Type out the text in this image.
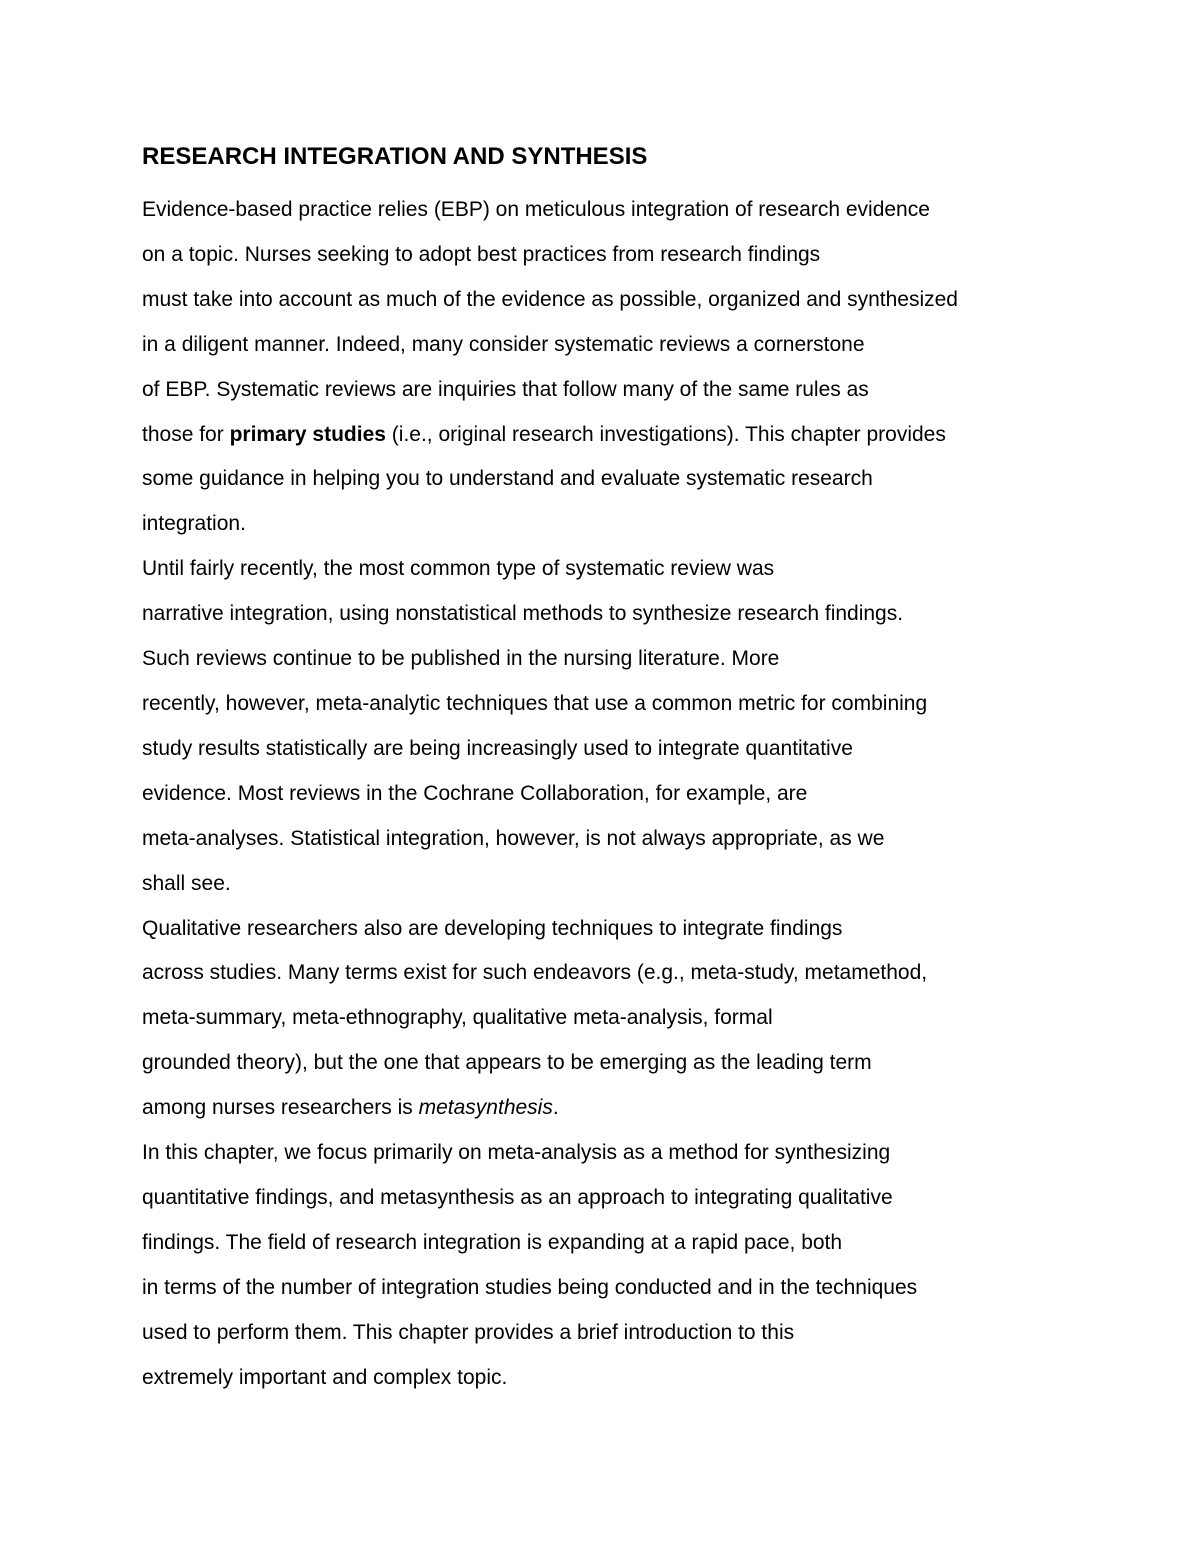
RESEARCH INTEGRATION AND SYNTHESIS
Evidence-based practice relies (EBP) on meticulous integration of research evidence
on a topic. Nurses seeking to adopt best practices from research findings
must take into account as much of the evidence as possible, organized and synthesized
in a diligent manner. Indeed, many consider systematic reviews a cornerstone
of EBP. Systematic reviews are inquiries that follow many of the same rules as
those for primary studies (i.e., original research investigations). This chapter provides
some guidance in helping you to understand and evaluate systematic research
integration.
Until fairly recently, the most common type of systematic review was
narrative integration, using nonstatistical methods to synthesize research findings.
Such reviews continue to be published in the nursing literature. More
recently, however, meta-analytic techniques that use a common metric for combining
study results statistically are being increasingly used to integrate quantitative
evidence. Most reviews in the Cochrane Collaboration, for example, are
meta-analyses. Statistical integration, however, is not always appropriate, as we
shall see.
Qualitative researchers also are developing techniques to integrate findings
across studies. Many terms exist for such endeavors (e.g., meta-study, metamethod,
meta-summary, meta-ethnography, qualitative meta-analysis, formal
grounded theory), but the one that appears to be emerging as the leading term
among nurses researchers is metasynthesis.
In this chapter, we focus primarily on meta-analysis as a method for synthesizing
quantitative findings, and metasynthesis as an approach to integrating qualitative
findings. The field of research integration is expanding at a rapid pace, both
in terms of the number of integration studies being conducted and in the techniques
used to perform them. This chapter provides a brief introduction to this
extremely important and complex topic.
